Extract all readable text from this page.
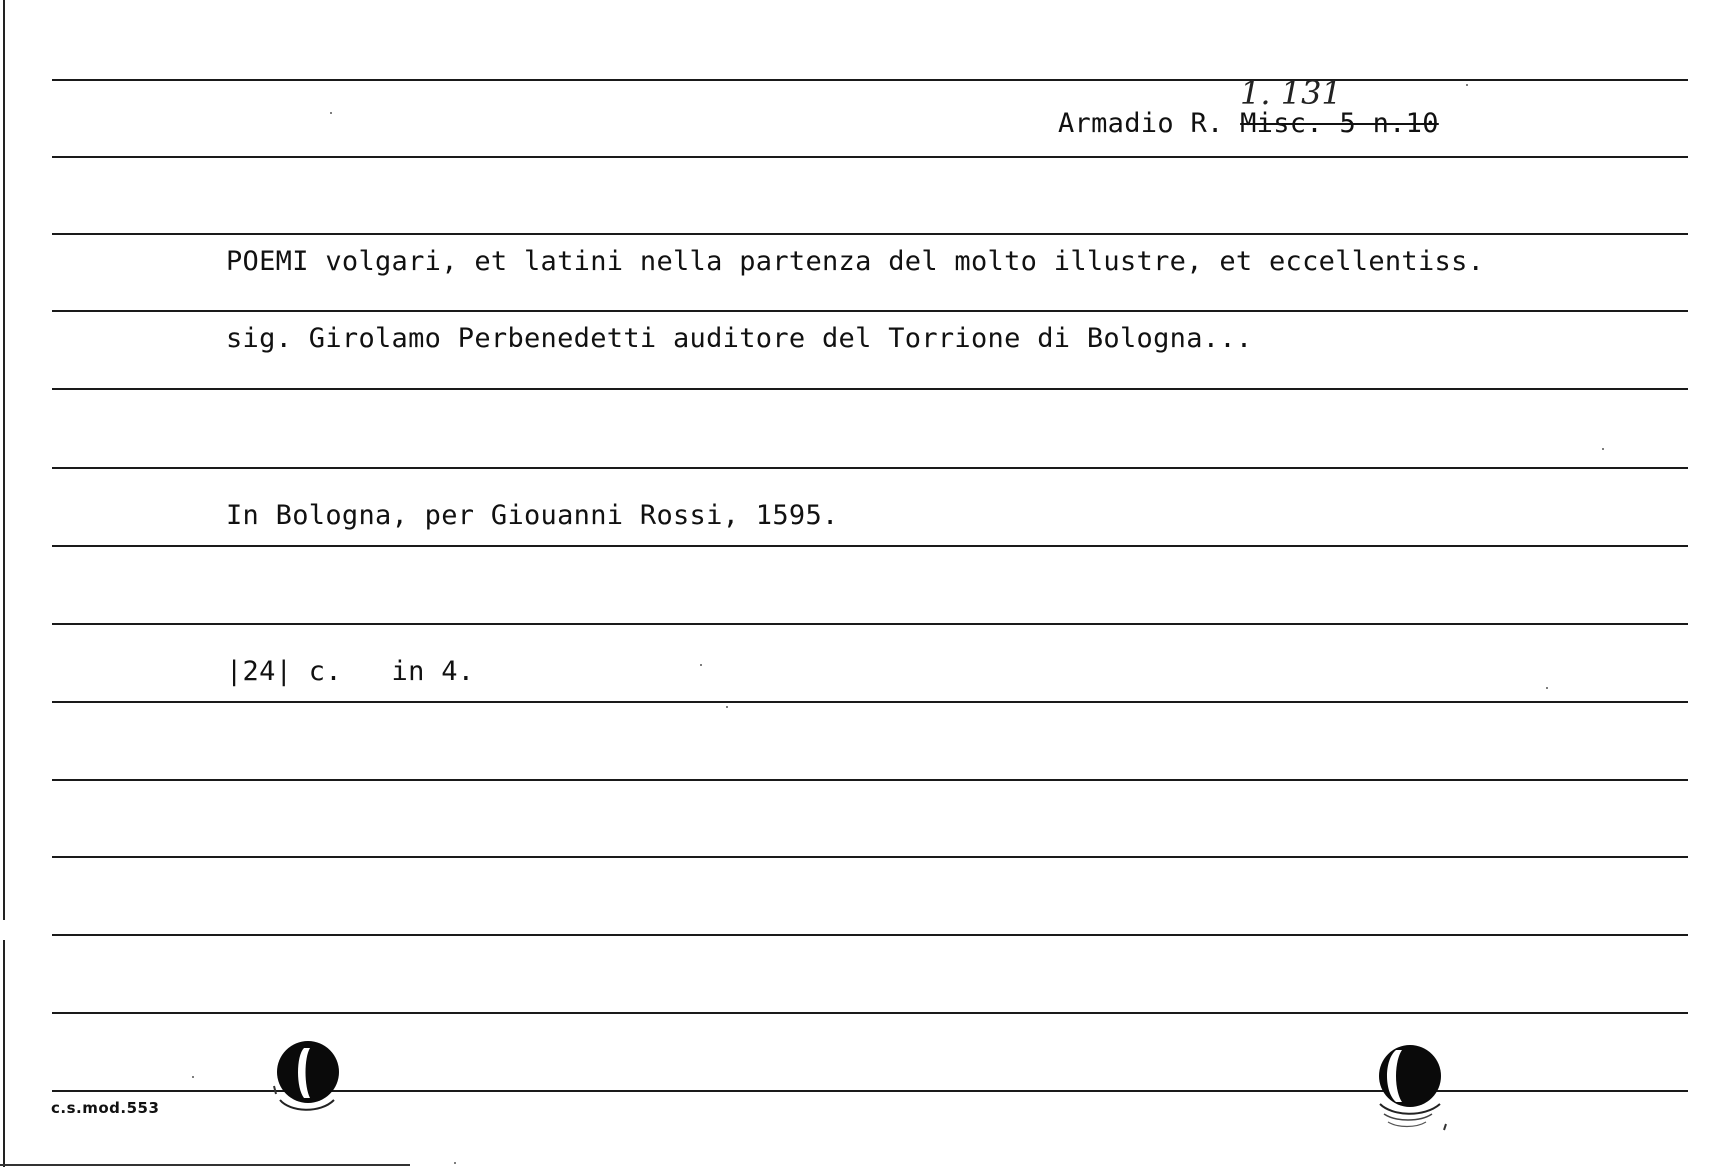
Armadio R. Misc. 5 n.10
1. 131
POEMI volgari, et latini nella partenza del molto illustre, et eccellentiss.
sig. Girolamo Perbenedetti auditore del Torrione di Bologna...
In Bologna, per Giouanni Rossi, 1595.
|24| c.   in 4.
c.s.mod.553
